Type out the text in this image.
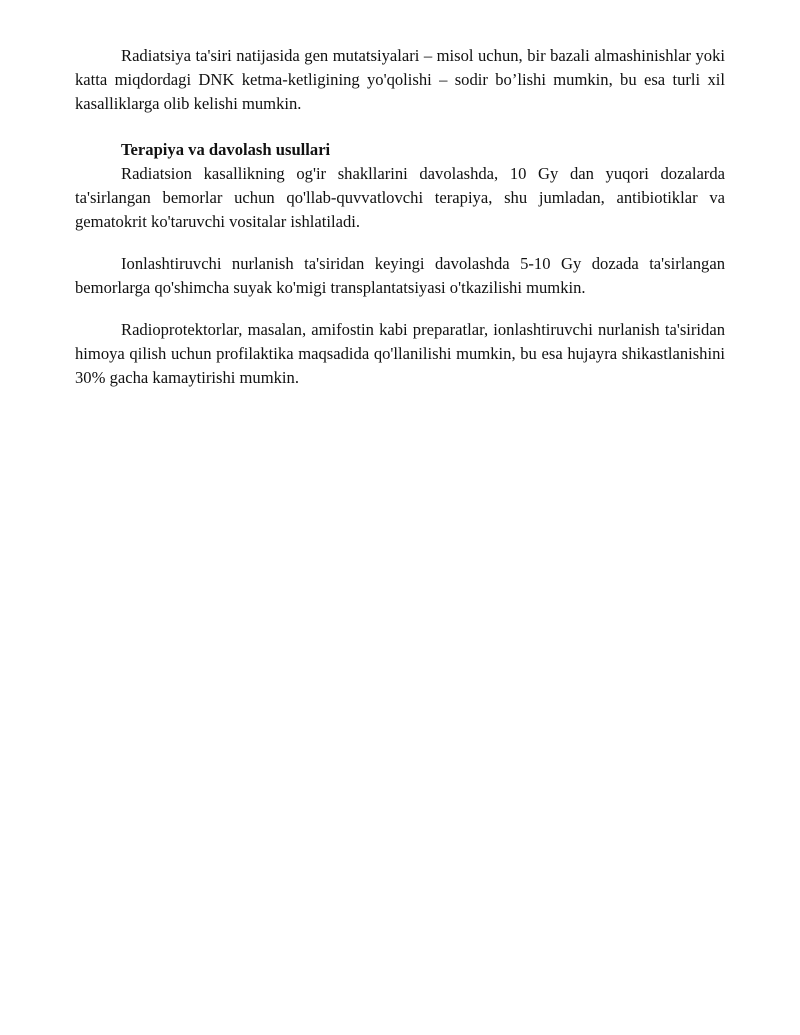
Radiatsiya ta'siri natijasida gen mutatsiyalari – misol uchun, bir bazali almashinishlar yoki katta miqdordagi DNK ketma-ketligining yo'qolishi – sodir bo’lishi mumkin, bu esa turli xil kasalliklarga olib kelishi mumkin.

Terapiya va davolash usullari

Radiatsion kasallikning og'ir shakllarini davolashda, 10 Gy dan yuqori dozalarda ta'sirlangan bemorlar uchun qo'llab-quvvatlovchi terapiya, shu jumladan, antibiotiklar va gematokrit ko'taruvchi vositalar ishlatiladi.

Ionlashtiruvchi nurlanish ta'siridan keyingi davolashda 5-10 Gy dozada ta'sirlangan bemorlarga qo'shimcha suyak ko'migi transplantatsiyasi o'tkazilishi mumkin.

Radioprotektorlar, masalan, amifostin kabi preparatlar, ionlashtiruvchi nurlanish ta'siridan himoya qilish uchun profilaktika maqsadida qo'llanilishi mumkin, bu esa hujayra shikastlanishini 30% gacha kamaytirishi mumkin.
